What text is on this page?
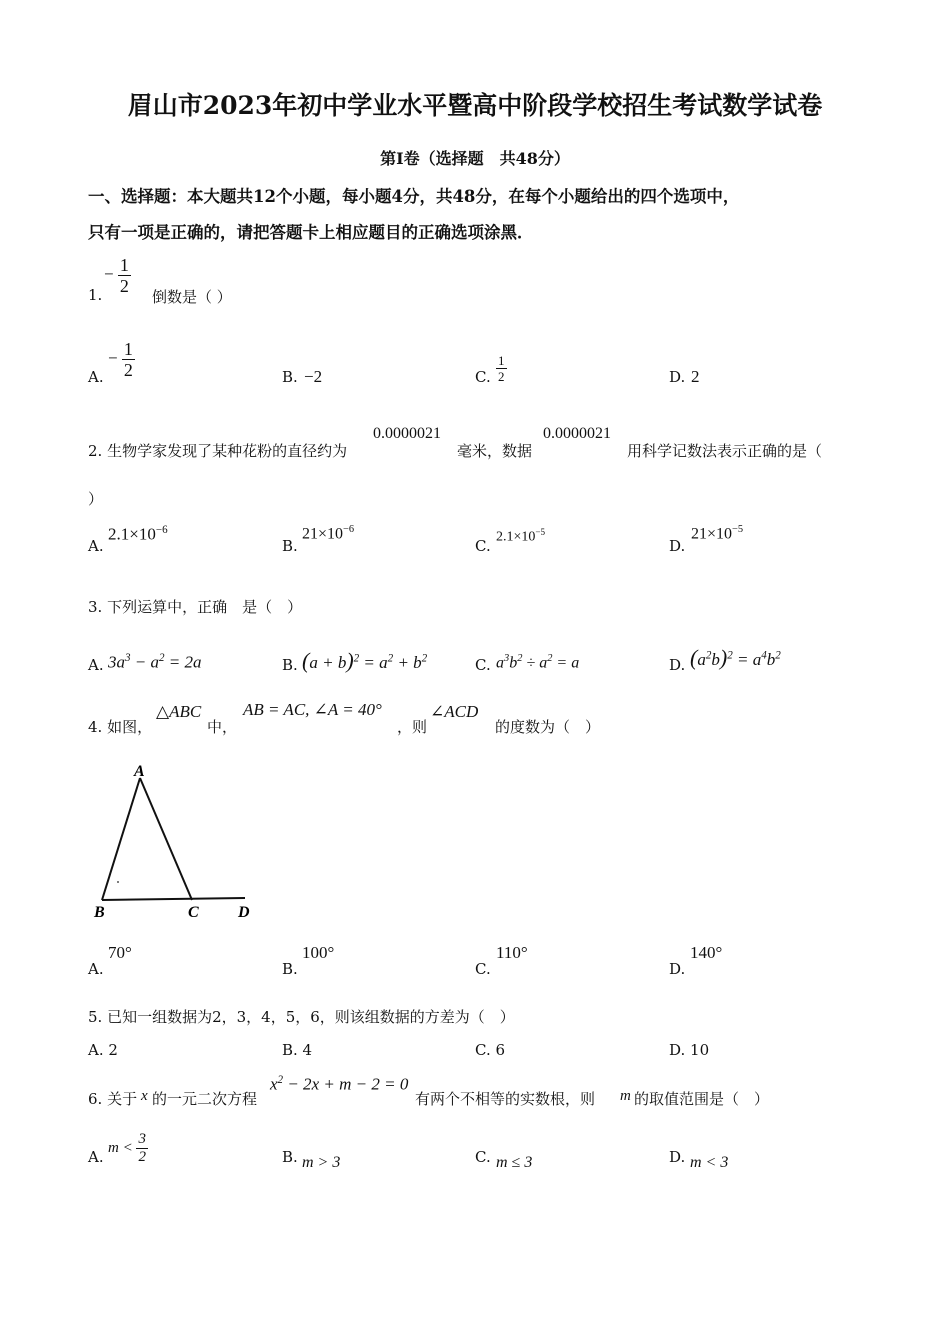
眉山市2023年初中学业水平暨高中阶段学校招生考试数学试卷
第I卷（选择题　共48分）
一、选择题：本大题共12个小题，每小题4分，共48分，在每个小题给出的四个选项中，
只有一项是正确的，请把答题卡上相应题目的正确选项涂黑．
1.
− $\frac{1}{2}$
倒数是（ ）
A.
− $\frac{1}{2}$	B. −2	C. $\frac{1}{2}$	D. 2
2. 生物学家发现了某种花粉的直径约为
0.0000021
毫米，数据
0.0000021
用科学记数法表示正确的是（
）
A.
$2.1\times 10^{-6}$
B.
$21\times 10^{-6}$
C. $2.1\times 10^{-5}$
D.
$21\times 10^{-5}$
3. 下列运算中，正确　是（　）
A. $3a^3 - a^2 = 2a$	B. $(a + b)^2 = a^2 + b^2$	C. $a^3b^2 \div a^2 = a$	D. $(a^2b)^2 = a^4b^2$
4. 如图，
△ABC
中，
AB = AC, ∠A = 40°
，则
∠ACD
的度数为（　）
A
B	C D
A.
70°
B.
100°
C.
110°
D.
140°
5. 已知一组数据为2，3，4，5，6，则该组数据的方差为（　）
A. 2	B. 4	C. 6	D. 10
6. 关于 x 的一元二次方程
$x^2 - 2x + m - 2 = 0$
有两个不相等的实数根，则 m 的取值范围是（　）
A.
$m < \frac{3}{2}$	B. m > 3	C. m ≤ 3	D. m < 3
